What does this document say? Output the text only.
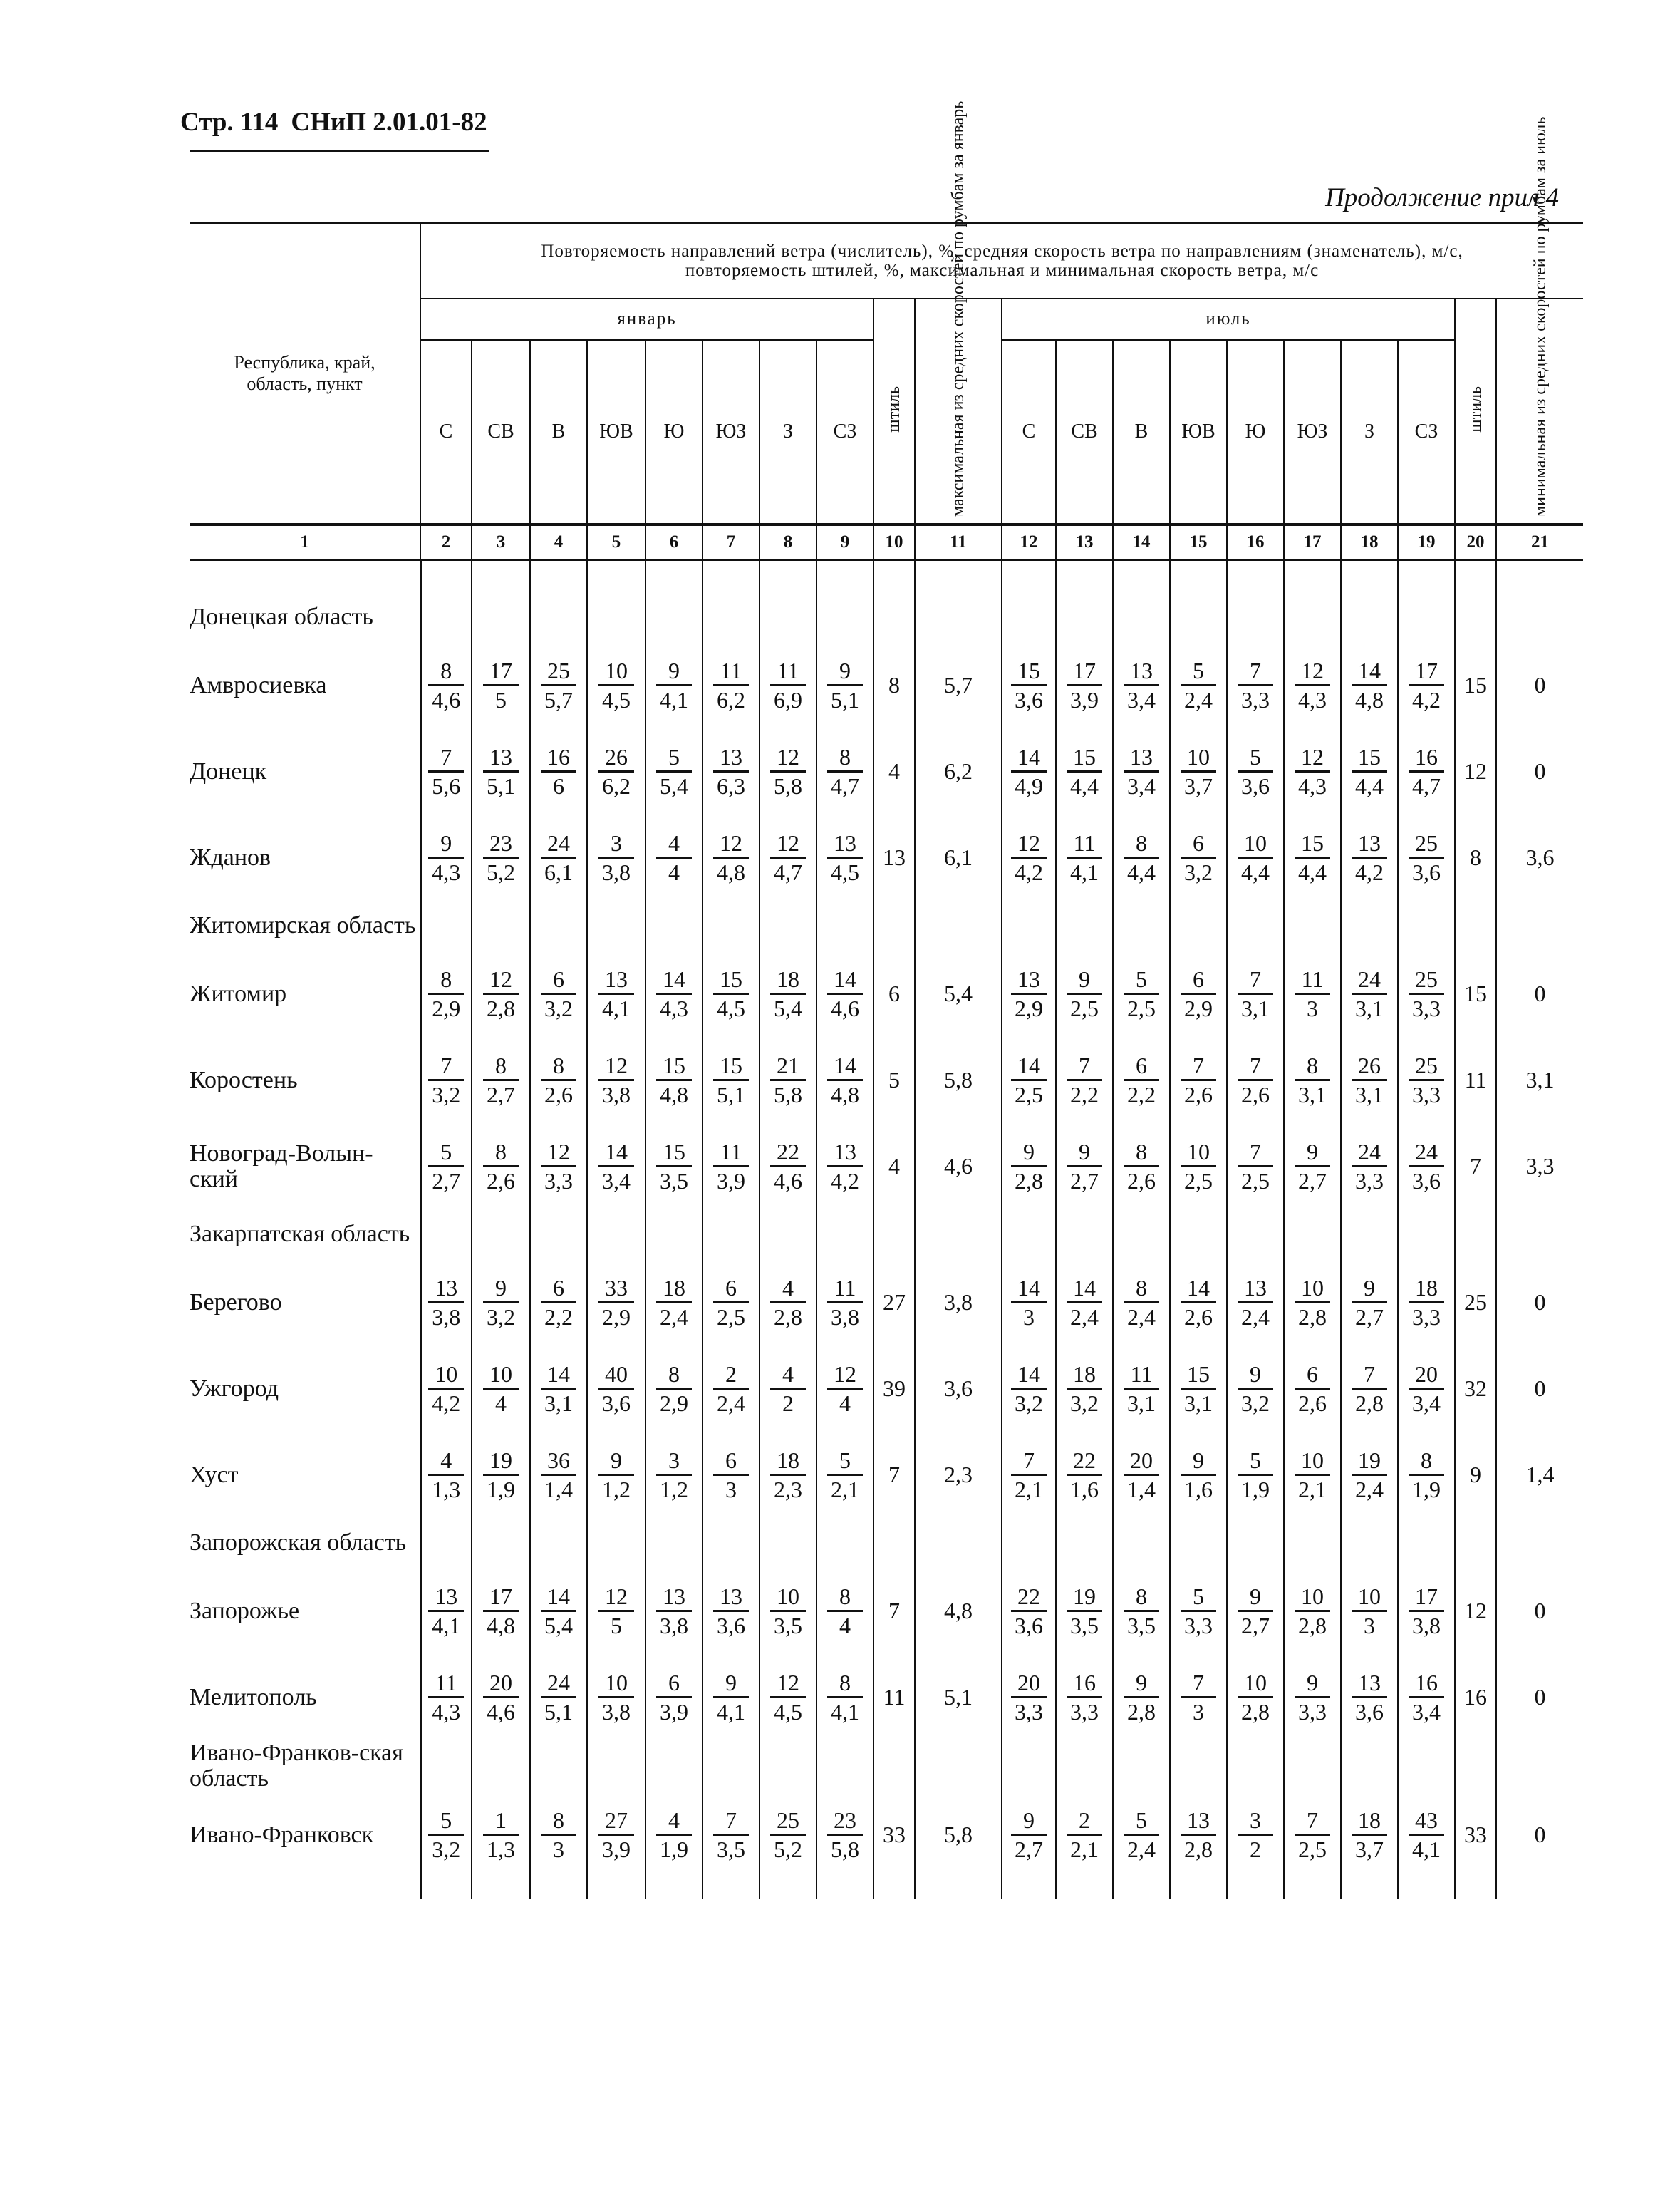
Стр. 114 СНиП 2.01.01-82
Продолжение прил 4
Республика, край, область, пункт	Повторяемость направлений ветра (числитель), %, средняя скорость ветра по направлениям (знаменатель), м/с, повторяемость штилей, %, максимальная и минимальная скорость ветра, м/с																			
	январь								штиль	максимальная из средних скоростей по румбам за январь	июль								штиль	минимальная из средних скоростей по румбам за июль
	С	СВ	В	ЮВ	Ю	ЮЗ	З	СЗ			С	СВ	В	ЮВ	Ю	ЮЗ	З	СЗ		
1	2	3	4	5	6	7	8	9	10	11	12	13	14	15	16	17	18	19	20	21

Донецкая область																				
Амвросиевка	$\frac{8}{4,6}$	$\frac{17}{5}$	$\frac{25}{5,7}$	$\frac{10}{4,5}$	$\frac{9}{4,1}$	$\frac{11}{6,2}$	$\frac{11}{6,9}$	$\frac{9}{5,1}$	8	5,7	$\frac{15}{3,6}$	$\frac{17}{3,9}$	$\frac{13}{3,4}$	$\frac{5}{2,4}$	$\frac{7}{3,3}$	$\frac{12}{4,3}$	$\frac{14}{4,8}$	$\frac{17}{4,2}$	15	0
Донецк	$\frac{7}{5,6}$	$\frac{13}{5,1}$	$\frac{16}{6}$	$\frac{26}{6,2}$	$\frac{5}{5,4}$	$\frac{13}{6,3}$	$\frac{12}{5,8}$	$\frac{8}{4,7}$	4	6,2	$\frac{14}{4,9}$	$\frac{15}{4,4}$	$\frac{13}{3,4}$	$\frac{10}{3,7}$	$\frac{5}{3,6}$	$\frac{12}{4,3}$	$\frac{15}{4,4}$	$\frac{16}{4,7}$	12	0
Жданов	$\frac{9}{4,3}$	$\frac{23}{5,2}$	$\frac{24}{6,1}$	$\frac{3}{3,8}$	$\frac{4}{4}$	$\frac{12}{4,8}$	$\frac{12}{4,7}$	$\frac{13}{4,5}$	13	6,1	$\frac{12}{4,2}$	$\frac{11}{4,1}$	$\frac{8}{4,4}$	$\frac{6}{3,2}$	$\frac{10}{4,4}$	$\frac{15}{4,4}$	$\frac{13}{4,2}$	$\frac{25}{3,6}$	8	3,6
Житомирская область																				
Житомир	$\frac{8}{2,9}$	$\frac{12}{2,8}$	$\frac{6}{3,2}$	$\frac{13}{4,1}$	$\frac{14}{4,3}$	$\frac{15}{4,5}$	$\frac{18}{5,4}$	$\frac{14}{4,6}$	6	5,4	$\frac{13}{2,9}$	$\frac{9}{2,5}$	$\frac{5}{2,5}$	$\frac{6}{2,9}$	$\frac{7}{3,1}$	$\frac{11}{3}$	$\frac{24}{3,1}$	$\frac{25}{3,3}$	15	0
Коростень	$\frac{7}{3,2}$	$\frac{8}{2,7}$	$\frac{8}{2,6}$	$\frac{12}{3,8}$	$\frac{15}{4,8}$	$\frac{15}{5,1}$	$\frac{21}{5,8}$	$\frac{14}{4,8}$	5	5,8	$\frac{14}{2,5}$	$\frac{7}{2,2}$	$\frac{6}{2,2}$	$\frac{7}{2,6}$	$\frac{7}{2,6}$	$\frac{8}{3,1}$	$\frac{26}{3,1}$	$\frac{25}{3,3}$	11	3,1
Новоград-Волын-ский	$\frac{5}{2,7}$	$\frac{8}{2,6}$	$\frac{12}{3,3}$	$\frac{14}{3,4}$	$\frac{15}{3,5}$	$\frac{11}{3,9}$	$\frac{22}{4,6}$	$\frac{13}{4,2}$	4	4,6	$\frac{9}{2,8}$	$\frac{9}{2,7}$	$\frac{8}{2,6}$	$\frac{10}{2,5}$	$\frac{7}{2,5}$	$\frac{9}{2,7}$	$\frac{24}{3,3}$	$\frac{24}{3,6}$	7	3,3
Закарпатская область																				
Берегово	$\frac{13}{3,8}$	$\frac{9}{3,2}$	$\frac{6}{2,2}$	$\frac{33}{2,9}$	$\frac{18}{2,4}$	$\frac{6}{2,5}$	$\frac{4}{2,8}$	$\frac{11}{3,8}$	27	3,8	$\frac{14}{3}$	$\frac{14}{2,4}$	$\frac{8}{2,4}$	$\frac{14}{2,6}$	$\frac{13}{2,4}$	$\frac{10}{2,8}$	$\frac{9}{2,7}$	$\frac{18}{3,3}$	25	0
Ужгород	$\frac{10}{4,2}$	$\frac{10}{4}$	$\frac{14}{3,1}$	$\frac{40}{3,6}$	$\frac{8}{2,9}$	$\frac{2}{2,4}$	$\frac{4}{2}$	$\frac{12}{4}$	39	3,6	$\frac{14}{3,2}$	$\frac{18}{3,2}$	$\frac{11}{3,1}$	$\frac{15}{3,1}$	$\frac{9}{3,2}$	$\frac{6}{2,6}$	$\frac{7}{2,8}$	$\frac{20}{3,4}$	32	0
Хуст	$\frac{4}{1,3}$	$\frac{19}{1,9}$	$\frac{36}{1,4}$	$\frac{9}{1,2}$	$\frac{3}{1,2}$	$\frac{6}{3}$	$\frac{18}{2,3}$	$\frac{5}{2,1}$	7	2,3	$\frac{7}{2,1}$	$\frac{22}{1,6}$	$\frac{20}{1,4}$	$\frac{9}{1,6}$	$\frac{5}{1,9}$	$\frac{10}{2,1}$	$\frac{19}{2,4}$	$\frac{8}{1,9}$	9	1,4
Запорожская область																				
Запорожье	$\frac{13}{4,1}$	$\frac{17}{4,8}$	$\frac{14}{5,4}$	$\frac{12}{5}$	$\frac{13}{3,8}$	$\frac{13}{3,6}$	$\frac{10}{3,5}$	$\frac{8}{4}$	7	4,8	$\frac{22}{3,6}$	$\frac{19}{3,5}$	$\frac{8}{3,5}$	$\frac{5}{3,3}$	$\frac{9}{2,7}$	$\frac{10}{2,8}$	$\frac{10}{3}$	$\frac{17}{3,8}$	12	0
Мелитополь	$\frac{11}{4,3}$	$\frac{20}{4,6}$	$\frac{24}{5,1}$	$\frac{10}{3,8}$	$\frac{6}{3,9}$	$\frac{9}{4,1}$	$\frac{12}{4,5}$	$\frac{8}{4,1}$	11	5,1	$\frac{20}{3,3}$	$\frac{16}{3,3}$	$\frac{9}{2,8}$	$\frac{7}{3}$	$\frac{10}{2,8}$	$\frac{9}{3,3}$	$\frac{13}{3,6}$	$\frac{16}{3,4}$	16	0
Ивано-Франков-ская область																				
Ивано-Франковск	$\frac{5}{3,2}$	$\frac{1}{1,3}$	$\frac{8}{3}$	$\frac{27}{3,9}$	$\frac{4}{1,9}$	$\frac{7}{3,5}$	$\frac{25}{5,2}$	$\frac{23}{5,8}$	33	5,8	$\frac{9}{2,7}$	$\frac{2}{2,1}$	$\frac{5}{2,4}$	$\frac{13}{2,8}$	$\frac{3}{2}$	$\frac{7}{2,5}$	$\frac{18}{3,7}$	$\frac{43}{4,1}$	33	0
